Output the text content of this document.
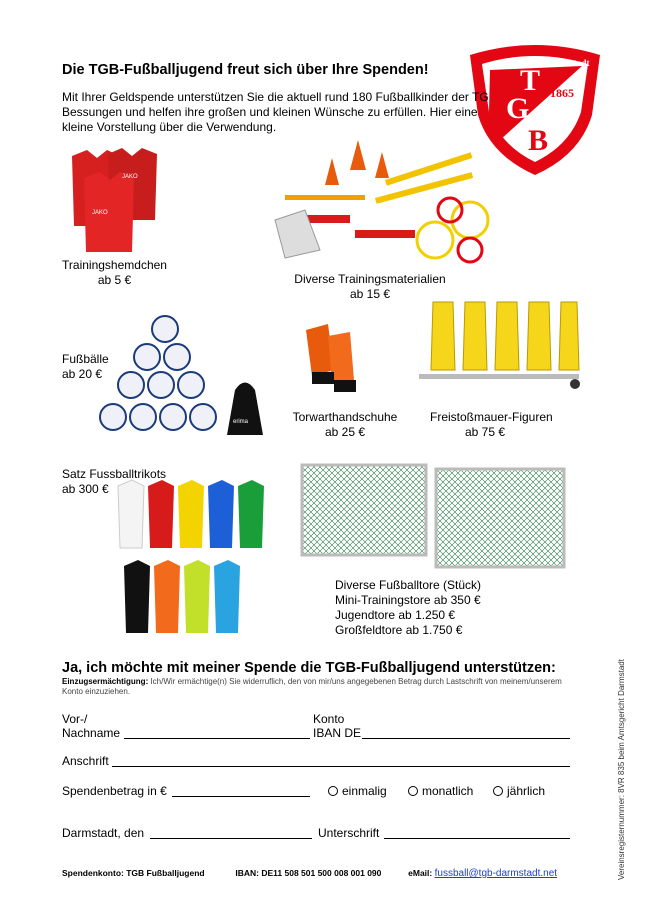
T
G
B
Darmstadt
1865
Die TGB-Fußballjugend freut sich über Ihre Spenden!
Mit Ihrer Geldspende unterstützen Sie die aktuell rund 180 Fußballkinder der TG Bessungen und helfen ihre großen und kleinen Wünsche zu erfüllen. Hier eine kleine Vorstellung über die Verwendung.
JAKO
JAKO
Trainingshemdchen
ab 5 €	Diverse Trainingsmaterialien
ab 15 €
erima
Fußbälle
ab 20 €
Torwarthandschuhe
ab 25 €
Freistoßmauer-Figuren
ab 75 €
Satz Fussballtrikots
ab 300 €
Diverse Fußballtore (Stück)
Mini-Trainingstore ab 350 €
Jugendtore ab 1.250 €
Großfeldtore ab 1.750 €
Ja, ich möchte mit meiner Spende die TGB-Fußballjugend unterstützen:
Einzugsermächtigung: Ich/Wir ermächtige(n) Sie widerruflich, den von mir/uns angegebenen Betrag durch Lastschrift von meinem/unserem Konto einzuziehen.
Vor-/
Nachname
Konto
IBAN DE
Anschrift
Spendenbetrag in €	einmalig	monatlich	jährlich
Darmstadt, den	Unterschrift
Spendenkonto: TGB Fußballjugend	IBAN: DE11 508 501 500 008 001 090	eMail: fussball@tgb-darmstadt.net	Vereinsregisternummer: 8VR 835 beim Amtsgericht Darmstadt
